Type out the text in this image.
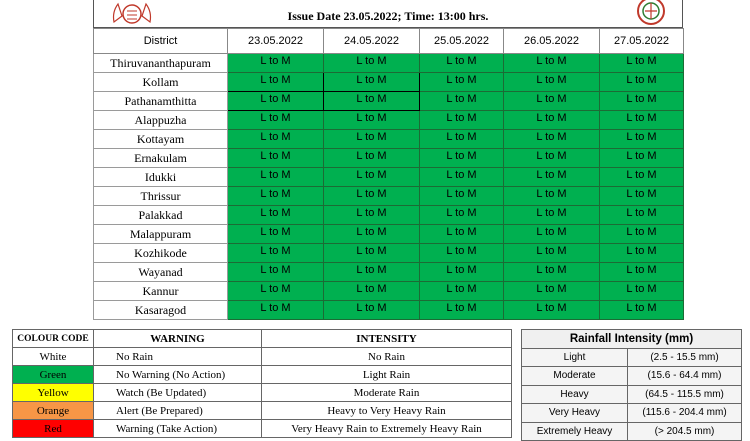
Issue Date 23.05.2022; Time: 13:00 hrs.
District	23.05.2022	24.05.2022	25.05.2022	26.05.2022	27.05.2022
Thiruvananthapuram	L to M	L to M	L to M	L to M	L to M
Kollam	L to M	L to M	L to M	L to M	L to M
Pathanamthitta	L to M	L to M	L to M	L to M	L to M
Alappuzha	L to M	L to M	L to M	L to M	L to M
Kottayam	L to M	L to M	L to M	L to M	L to M
Ernakulam	L to M	L to M	L to M	L to M	L to M
Idukki	L to M	L to M	L to M	L to M	L to M
Thrissur	L to M	L to M	L to M	L to M	L to M
Palakkad	L to M	L to M	L to M	L to M	L to M
Malappuram	L to M	L to M	L to M	L to M	L to M
Kozhikode	L to M	L to M	L to M	L to M	L to M
Wayanad	L to M	L to M	L to M	L to M	L to M
Kannur	L to M	L to M	L to M	L to M	L to M
Kasaragod	L to M	L to M	L to M	L to M	L to M
COLOUR CODE	WARNING	INTENSITY
White	No Rain	No Rain
Green	No Warning (No Action)	Light Rain
Yellow	Watch (Be Updated)	Moderate Rain
Orange	Alert (Be Prepared)	Heavy to Very Heavy Rain
Red	Warning (Take Action)	Very Heavy Rain to Extremely Heavy Rain
Rainfall Intensity (mm)	
Light	(2.5 - 15.5 mm)
Moderate	(15.6 - 64.4 mm)
Heavy	(64.5 - 115.5 mm)
Very Heavy	(115.6 - 204.4 mm)
Extremely Heavy	(> 204.5 mm)
